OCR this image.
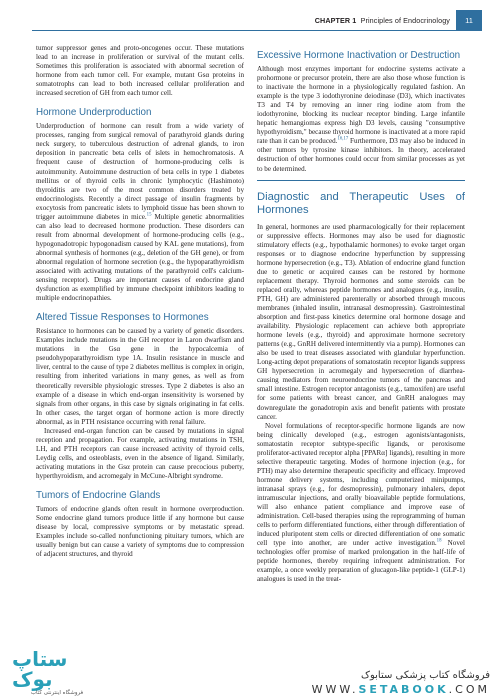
CHAPTER 1 Principles of Endocrinology	11

tumor suppressor genes and proto-oncogenes occur. These mutations lead to an increase in proliferation or survival of the mutant cells. Sometimes this proliferation is associated with abnormal secretion of hormone from each tumor cell. For example, mutant Gsα proteins in somatotrophs can lead to both increased cellular proliferation and increased secretion of GH from each tumor cell.

Hormone Underproduction

Underproduction of hormone can result from a wide variety of processes, ranging from surgical removal of parathyroid glands during neck surgery, to tuberculous destruction of adrenal glands, to iron deposition in pancreatic beta cells of islets in hemochromatosis. A frequent cause of destruction of hormone-producing cells is autoimmunity. Autoimmune destruction of beta cells in type 1 diabetes mellitus or of thyroid cells in chronic lymphocytic (Hashimoto) thyroiditis are two of the most common disorders treated by endocrinologists. Recently a direct passage of insulin fragments by exocytosis from pancreatic islets to lymphoid tissue has been shown to trigger autoimmune diabetes in mice.$^{15}$ Multiple genetic abnormalities can also lead to decreased hormone production. These disorders can result from abnormal development of hormone-producing cells (e.g., hypogonadotropic hypogonadism caused by KAL gene mutations), from abnormal synthesis of hormones (e.g., deletion of the GH gene), or from abnormal regulation of hormone secretion (e.g., the hypoparathyroidism associated with activating mutations of the parathyroid cell's calcium-sensing receptor). Drugs are important causes of endocrine gland dysfunction as exemplified by immune checkpoint inhibitors leading to multiple endocrinopathies.

Altered Tissue Responses to Hormones

Resistance to hormones can be caused by a variety of genetic disorders. Examples include mutations in the GH receptor in Laron dwarfism and mutations in the Gsα gene in the hypocalcemia of pseudohypoparathyroidism type 1A. Insulin resistance in muscle and liver, central to the cause of type 2 diabetes mellitus is complex in origin, resulting from inherited variations in many genes, as well as from theoretically reversible physiologic stresses. Type 2 diabetes is also an example of a disease in which end-organ insensitivity is worsened by signals from other organs, in this case by signals originating in fat cells. In other cases, the target organ of hormone action is more directly abnormal, as in PTH resistance occurring with renal failure.

Increased end-organ function can be caused by mutations in signal reception and propagation. For example, activating mutations in TSH, LH, and PTH receptors can cause increased activity of thyroid cells, Leydig cells, and osteoblasts, even in the absence of ligand. Similarly, activating mutations in the Gsα protein can cause precocious puberty, hyperthyroidism, and acromegaly in McCune-Albright syndrome.

Tumors of Endocrine Glands

Tumors of endocrine glands often result in hormone overproduction. Some endocrine gland tumors produce little if any hormone but cause disease by local, compressive symptoms or by metastatic spread. Examples include so-called nonfunctioning pituitary tumors, which are usually benign but can cause a variety of symptoms due to compression of adjacent structures, and thyroid

Excessive Hormone Inactivation or Destruction

Although most enzymes important for endocrine systems activate a prohormone or precursor protein, there are also those whose function is to inactivate the hormone in a physiologically regulated fashion. An example is the type 3 iodothyronine deiodinase (D3), which inactivates T3 and T4 by removing an inner ring iodine atom from the iodothyronine, blocking its nuclear receptor binding. Large infantile hepatic hemangiomas express high D3 levels, causing "consumptive hypothyroidism," because thyroid hormone is inactivated at a more rapid rate than it can be produced.$^{16,17}$ Furthermore, D3 may also be induced in other tumors by tyrosine kinase inhibitors. In theory, accelerated destruction of other hormones could occur from similar processes as yet to be determined.

Diagnostic and Therapeutic Uses of Hormones

In general, hormones are used pharmacologically for their replacement or suppressive effects. Hormones may also be used for diagnostic stimulatory effects (e.g., hypothalamic hormones) to evoke target organ responses or to diagnose endocrine hyperfunction by suppressing hormone hypersecretion (e.g., T3). Ablation of endocrine gland function due to genetic or acquired causes can be restored by hormone replacement therapy. Thyroid hormones and some steroids can be replaced orally, whereas peptide hormones and analogues (e.g., insulin, PTH, GH) are administered parenterally or absorbed through mucous membranes (inhaled insulin, intranasal desmopressin). Gastrointestinal absorption and first-pass kinetics determine oral hormone dosage and availability. Physiologic replacement can achieve both appropriate hormone levels (e.g., thyroid) and approximate hormone secretory patterns (e.g., GnRH delivered intermittently via a pump). Hormones can also be used to treat diseases associated with glandular hyperfunction. Long-acting depot preparations of somatostatin receptor ligands suppress GH hypersecretion in acromegaly and hypersecretion of diarrhea-causing mediators from neuroendocrine tumors of the pancreas and small intestine. Estrogen receptor antagonists (e.g., tamoxifen) are useful for some patients with breast cancer, and GnRH analogues may downregulate the gonadotropin axis and benefit patients with prostate cancer.

Novel formulations of receptor-specific hormone ligands are now being clinically developed (e.g., estrogen agonists/antagonists, somatostatin receptor subtype-specific ligands, or peroxisome proliferator-activated receptor alpha [PPARα] ligands), resulting in more selective therapeutic targeting. Modes of hormone injection (e.g., for PTH) may also determine therapeutic specificity and efficacy. Improved hormone delivery systems, including computerized minipumps, intranasal sprays (e.g., for desmopressin), pulmonary inhalers, depot intramuscular injections, and orally bioavailable peptide formulations, will also enhance patient compliance and improve ease of administration. Cell-based therapies using the reprogramming of human cells to perform differentiated functions, either through differentiation of induced pluripotent stem cells or directed differentiation of one somatic cell type into another, are under active investigation.$^{18}$ Novel technologies offer promise of marked prolongation in the half-life of peptide hormones, thereby requiring infrequent administration. For example, a once weekly preparation of glucagon-like peptide-1 (GLP-1) analogues is used in the treat-

ستاپ بوک
فروشگاه اینترنتی کتاب
فروشگاه کتاب پزشکی ستابوک
WWW.SETABOOK.COM
